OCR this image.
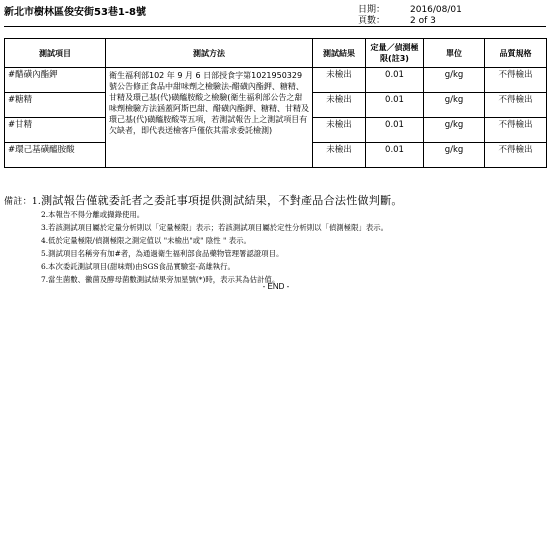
新北市樹林區俊安街53巷1-8號	日期：	2016/08/01
頁數：	2 of 3
測試項目	測試方法	測試結果	定量／偵測極限(註3)	單位	品質規格
#醋磺內酯鉀	衛生福利部102 年 9 月 6 日部授食字第1021950329號公告修正食品中甜味劑之檢驗法-醋磺內酯鉀、糖精、甘精及環己基(代)磺醯胺酸之檢驗(衛生福利部公告之甜味劑檢驗方法涵蓋阿斯巴甜、醋磺內酯鉀、糖精、甘精及環己基(代)磺醯胺酸等五項，若測試報告上之測試項目有欠缺者，即代表送檢客戶僅依其需求委託檢測)	未檢出	0.01	g/kg	不得檢出
#糖精		未檢出	0.01	g/kg	不得檢出
#甘精		未檢出	0.01	g/kg	不得檢出
#環己基磺醯胺酸		未檢出	0.01	g/kg	不得檢出
備註：1.測試報告僅就委託者之委託事項提供測試結果，不對產品合法性做判斷。
2.本報告不得分離或擷錄使用。
3.若該測試項目屬於定量分析則以「定量極限」表示；若該測試項目屬於定性分析則以「偵測極限」表示。
4.低於定量極限/偵測極限之測定值以 "未檢出"或" 陰性 " 表示。
5.測試項目名稱旁有加#者，為通過衛生福利部食品藥物管理署認證項目。
6.本次委託測試項目(甜味劑)由SGS食品實驗室-高雄執行。
7.當生菌數、黴菌及酵母菌數測試結果旁加星號(*)時，表示其為估計值。
- END -
